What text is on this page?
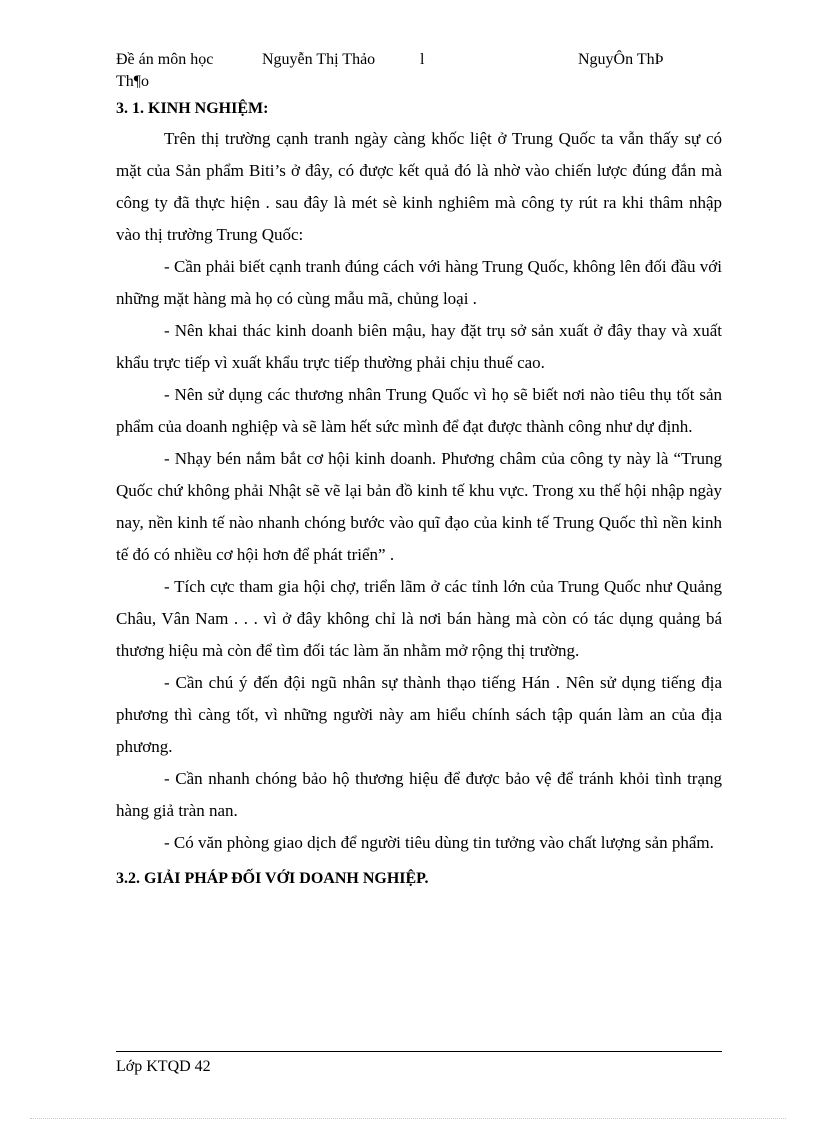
Đề án môn học	Nguyễn Thị Thảo	l	NguyÔn ThÞ
Th¶o

3. 1. KINH NGHIỆM:

Trên thị trường cạnh tranh ngày càng khốc liệt ở Trung Quốc ta vẫn thấy sự có mặt của Sản phẩm Biti’s ở đây, có được kết quả đó là nhờ vào chiến lược đúng đắn mà công ty đã thực hiện . sau đây là mét sè kinh nghiêm mà công ty rút ra khi thâm nhập vào thị trường Trung Quốc:

- Cần phải biết cạnh tranh đúng cách với hàng Trung Quốc, không lên đối đầu với những mặt hàng mà họ có cùng mẫu mã, chủng loại .

- Nên khai thác kinh doanh biên mậu, hay đặt trụ sở sản xuất ở đây thay và xuất khẩu trực tiếp vì xuất khẩu trực tiếp thường phải chịu thuế cao.

- Nên sử dụng các thương nhân Trung Quốc vì họ sẽ biết nơi nào tiêu thụ tốt sản phẩm của doanh nghiệp và sẽ làm hết sức mình để đạt được thành công như dự định.

- Nhạy bén nắm bắt cơ hội kinh doanh. Phương châm của công ty này là “Trung Quốc chứ không phải Nhật sẽ vẽ lại bản đồ kinh tế khu vực. Trong xu thế hội nhập ngày nay, nền kinh tế nào nhanh chóng bước vào quĩ đạo của kinh tế Trung Quốc thì nền kinh tế đó có nhiều cơ hội hơn để phát triển” .

- Tích cực tham gia hội chợ, triển lãm ở các tỉnh lớn của Trung Quốc như Quảng Châu, Vân Nam . . . vì ở đây không chỉ là nơi bán hàng mà còn có tác dụng quảng bá thương hiệu mà còn để tìm đối tác làm ăn nhằm mở rộng thị trường.

- Cần chú ý đến đội ngũ nhân sự thành thạo tiếng Hán . Nên sử dụng tiếng địa phương thì càng tốt, vì những người này am hiểu chính sách tập quán làm an của địa phương.

- Cần nhanh chóng bảo hộ thương hiệu để được bảo vệ để tránh khỏi tình trạng hàng giả tràn nan.

- Có văn phòng giao dịch để người tiêu dùng tin tưởng vào chất lượng sản phẩm.

3.2. GIẢI PHÁP ĐỐI VỚI DOANH NGHIỆP.

Lớp KTQD 42
